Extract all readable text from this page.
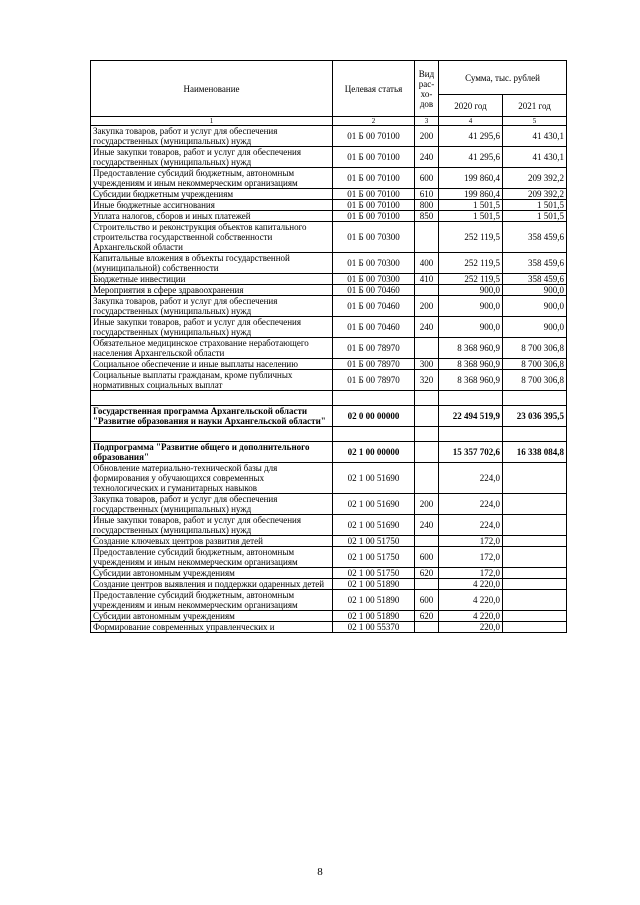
Наименование	Целевая статья	Вид рас-хо-дов	Сумма, тыс. рублей	
			2020 год	2021 год
1	2	3	4	5
Закупка товаров, работ и услуг для обеспечения государственных (муниципальных) нужд	01 Б 00 70100	200	41 295,6	41 430,1
Иные закупки товаров, работ и услуг для обеспечения государственных (муниципальных) нужд	01 Б 00 70100	240	41 295,6	41 430,1
Предоставление субсидий бюджетным, автономным учреждениям и иным некоммерческим организациям	01 Б 00 70100	600	199 860,4	209 392,2
Субсидии бюджетным учреждениям	01 Б 00 70100	610	199 860,4	209 392,2
Иные бюджетные ассигнования	01 Б 00 70100	800	1 501,5	1 501,5
Уплата налогов, сборов и иных платежей	01 Б 00 70100	850	1 501,5	1 501,5
Строительство и реконструкция объектов капитального строительства государственной собственности Архангельской области	01 Б 00 70300		252 119,5	358 459,6
Капитальные вложения в объекты государственной (муниципальной) собственности	01 Б 00 70300	400	252 119,5	358 459,6
Бюджетные инвестиции	01 Б 00 70300	410	252 119,5	358 459,6
Мероприятия в сфере здравоохранения	01 Б 00 70460		900,0	900,0
Закупка товаров, работ и услуг для обеспечения государственных (муниципальных) нужд	01 Б 00 70460	200	900,0	900,0
Иные закупки товаров, работ и услуг для обеспечения государственных (муниципальных) нужд	01 Б 00 70460	240	900,0	900,0
Обязательное медицинское страхование неработающего населения Архангельской области	01 Б 00 78970		8 368 960,9	8 700 306,8
Социальное обеспечение и иные выплаты населению	01 Б 00 78970	300	8 368 960,9	8 700 306,8
Социальные выплаты гражданам, кроме публичных нормативных социальных выплат	01 Б 00 78970	320	8 368 960,9	8 700 306,8

Государственная программа Архангельской области "Развитие образования и науки Архангельской области"	02 0 00 00000		22 494 519,9	23 036 395,5

Подпрограмма "Развитие общего и дополнительного образования"	02 1 00 00000		15 357 702,6	16 338 084,8
Обновление материально-технической базы для формирования у обучающихся современных технологических и гуманитарных навыков	02 1 00 51690		224,0	
Закупка товаров, работ и услуг для обеспечения государственных (муниципальных) нужд	02 1 00 51690	200	224,0	
Иные закупки товаров, работ и услуг для обеспечения государственных (муниципальных) нужд	02 1 00 51690	240	224,0	
Создание ключевых центров развития детей	02 1 00 51750		172,0	
Предоставление субсидий бюджетным, автономным учреждениям и иным некоммерческим организациям	02 1 00 51750	600	172,0	
Субсидии автономным учреждениям	02 1 00 51750	620	172,0	
Создание центров выявления и поддержки одаренных детей	02 1 00 51890		4 220,0	
Предоставление субсидий бюджетным, автономным учреждениям и иным некоммерческим организациям	02 1 00 51890	600	4 220,0	
Субсидии автономным учреждениям	02 1 00 51890	620	4 220,0	
Формирование современных управленческих и	02 1 00 55370		220,0	
8
